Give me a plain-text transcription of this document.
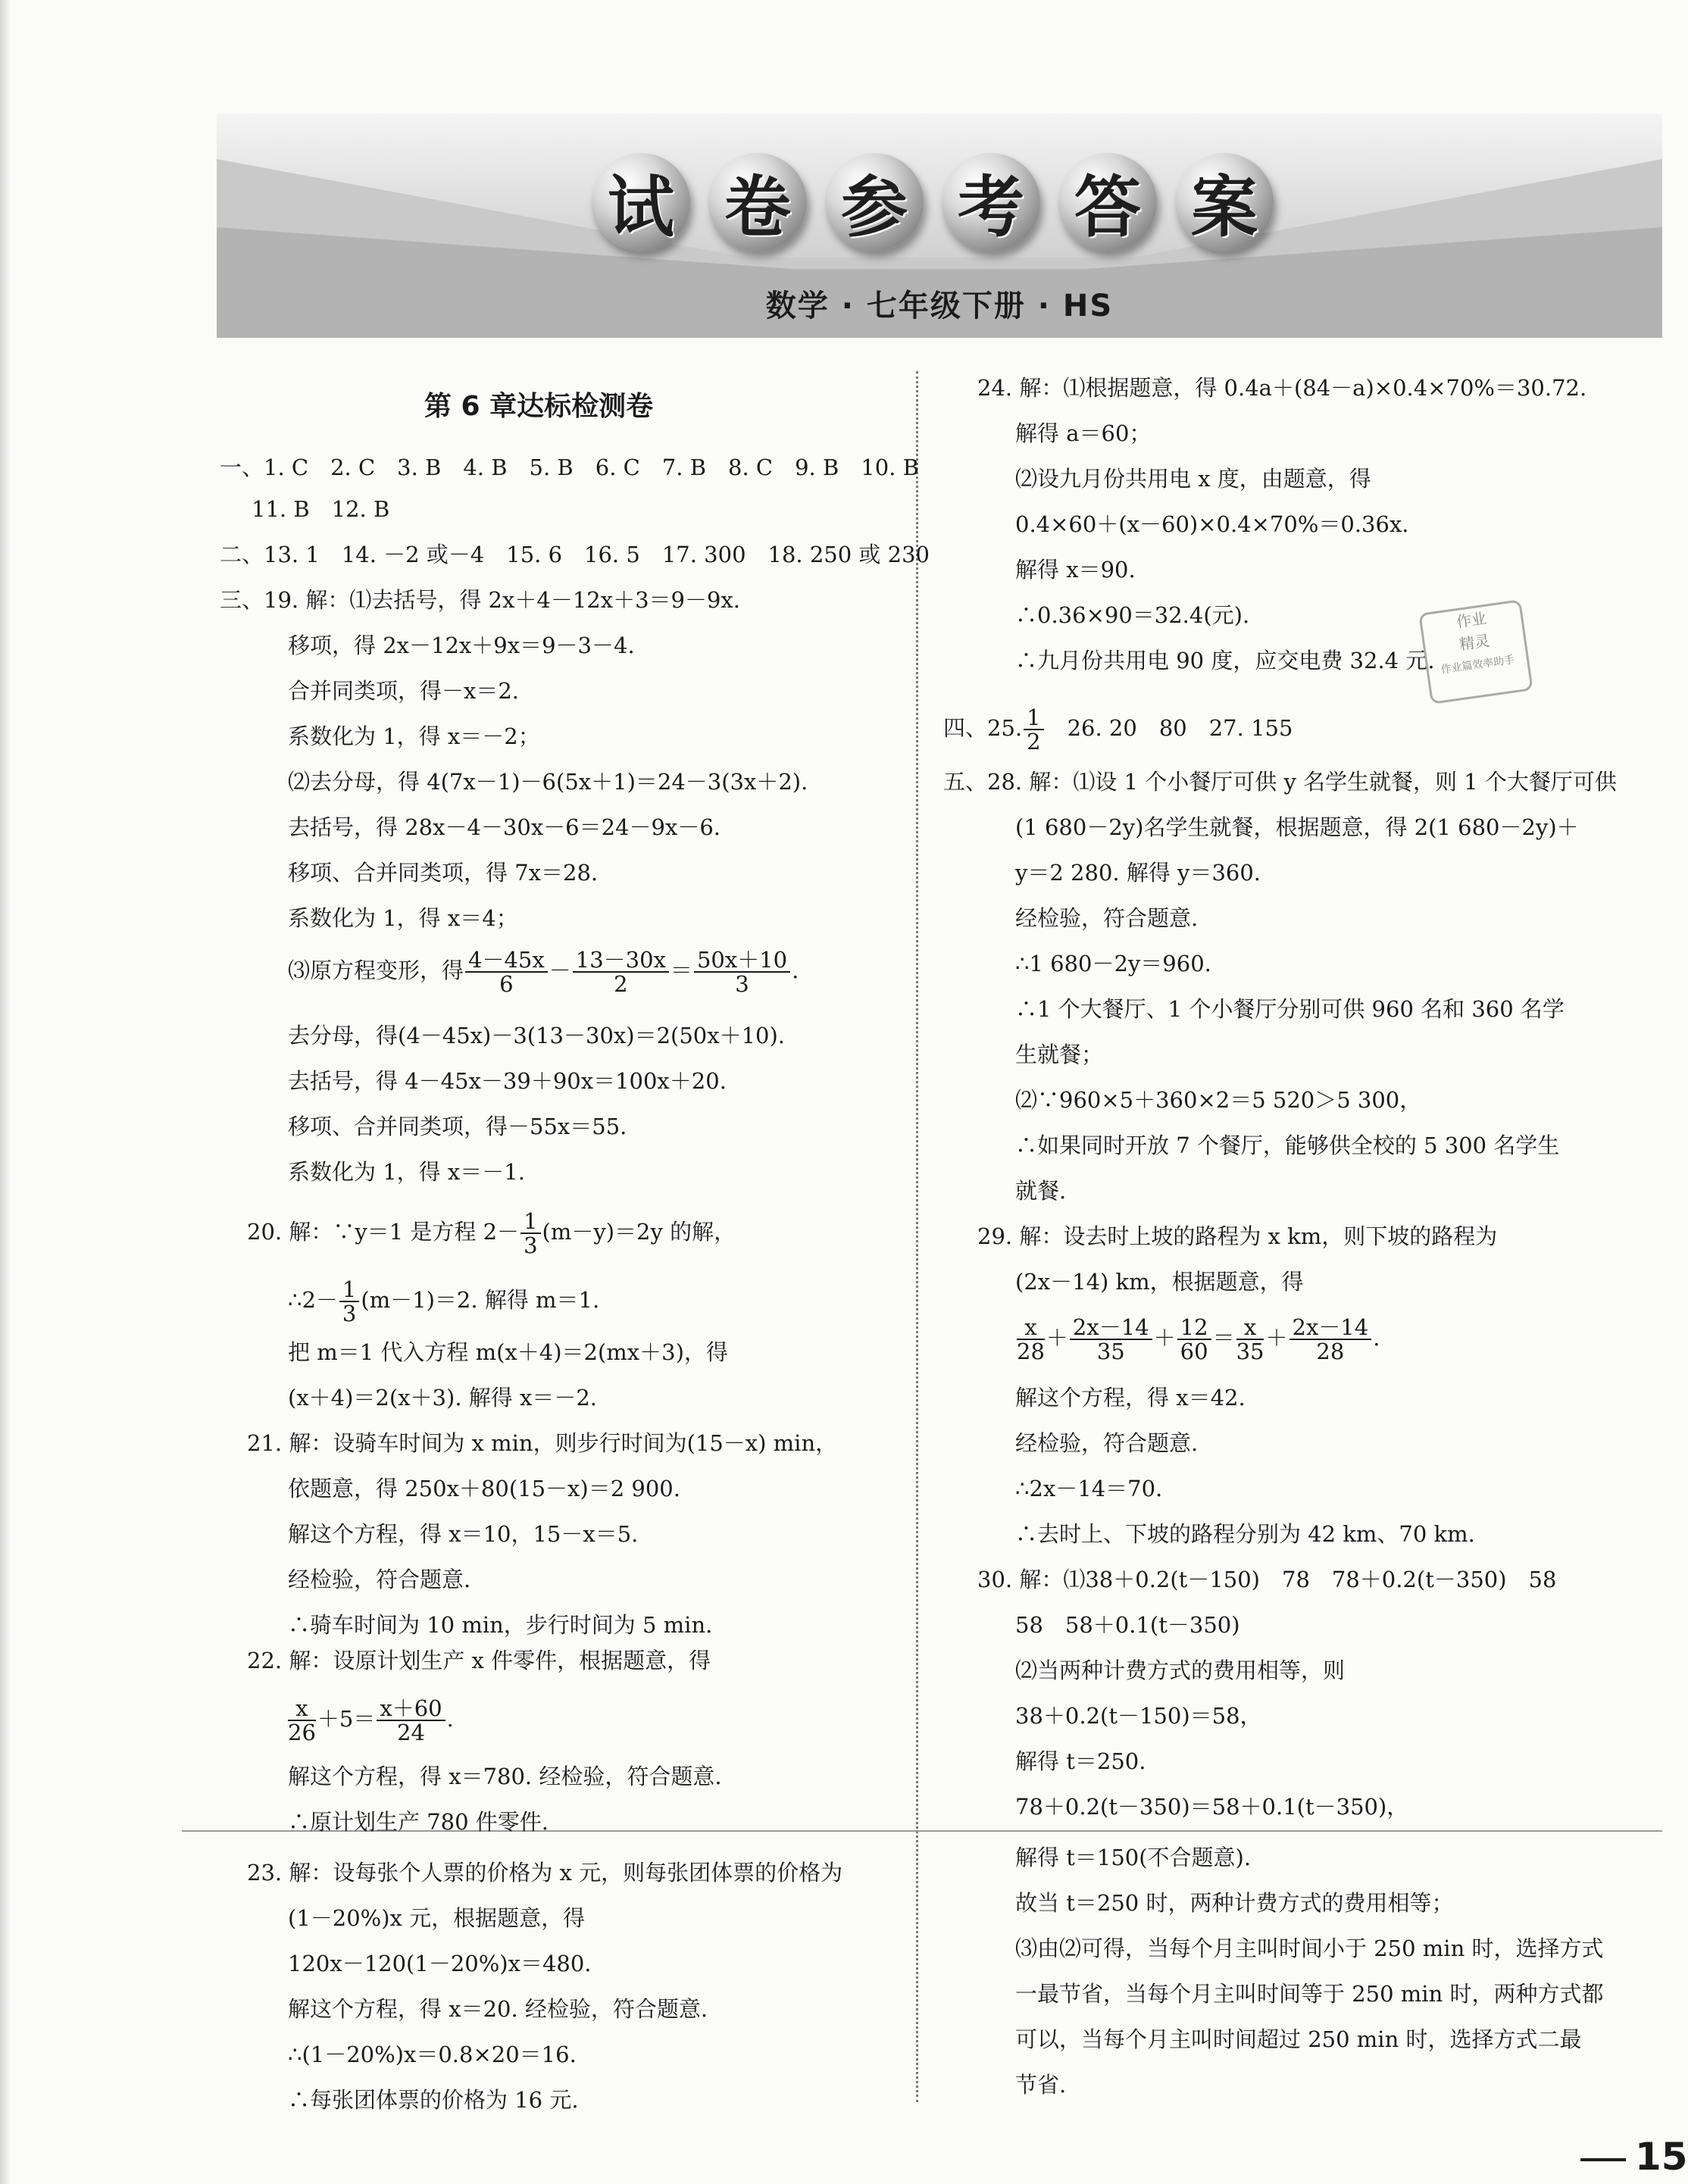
试 卷 参 考 答 案
数学 · 七年级下册 · HS
第 6 章达标检测卷
一、1. C　2. C　3. B　4. B　5. B　6. C　7. B　8. C　9. B　10. B
11. B　12. B
二、13. 1　14. －2 或－4　15. 6　16. 5　17. 300　18. 250 或 230
三、19. 解：⑴去括号，得 2x＋4－12x＋3＝9－9x.
移项，得 2x－12x＋9x＝9－3－4.
合并同类项，得－x＝2.
系数化为 1，得 x＝－2；
⑵去分母，得 4(7x－1)－6(5x＋1)＝24－3(3x＋2).
去括号，得 28x－4－30x－6＝24－9x－6.
移项、合并同类项，得 7x＝28.
系数化为 1，得 x＝4；
⑶原方程变形，得 $\frac{4-45x}{6} - \frac{13-30x}{2} = \frac{50x+10}{3}$ .
去分母，得(4－45x)－3(13－30x)＝2(50x＋10).
去括号，得 4－45x－39＋90x＝100x＋20.
移项、合并同类项，得－55x＝55.
系数化为 1，得 x＝－1.
20. 解：∵y＝1 是方程 $2- \frac{1}{3} (m-y)=2y$ 的解，
∴2－ $\frac{1}{3} (m-1)=2$. 解得 m＝1.
把 m＝1 代入方程 m(x＋4)＝2(mx＋3)，得
(x＋4)＝2(x＋3). 解得 x＝－2.
21. 解：设骑车时间为 x min，则步行时间为(15－x) min，
依题意，得 250x＋80(15－x)＝2 900.
解这个方程，得 x＝10，15－x＝5.
经检验，符合题意.
∴骑车时间为 10 min，步行时间为 5 min.
22. 解：设原计划生产 x 件零件，根据题意，得
$\frac{x}{26} +5= \frac{x+60}{24}$ .
解这个方程，得 x＝780. 经检验，符合题意.
∴原计划生产 780 件零件.
23. 解：设每张个人票的价格为 x 元，则每张团体票的价格为
(1－20%)x 元，根据题意，得
120x－120(1－20%)x＝480.
解这个方程，得 x＝20. 经检验，符合题意.
∴(1－20%)x＝0.8×20＝16.
∴每张团体票的价格为 16 元.
24. 解：⑴根据题意，得 0.4a＋(84－a)×0.4×70%＝30.72.
解得 a＝60；
⑵设九月份共用电 x 度，由题意，得
0.4×60＋(x－60)×0.4×70%＝0.36x.
解得 x＝90.
∴0.36×90＝32.4(元).
∴九月份共用电 90 度，应交电费 32.4 元.
四、25. $\frac{1}{2}$
　 26. 20　80　27. 155
五、28. 解：⑴设 1 个小餐厅可供 y 名学生就餐，则 1 个大餐厅可供
(1 680－2y)名学生就餐，根据题意，得 2(1 680－2y)＋
y＝2 280. 解得 y＝360.
经检验，符合题意.
∴1 680－2y＝960.
∴1 个大餐厅、1 个小餐厅分别可供 960 名和 360 名学
生就餐；
⑵∵960×5＋360×2＝5 520＞5 300，
∴如果同时开放 7 个餐厅，能够供全校的 5 300 名学生
就餐.
29. 解：设去时上坡的路程为 x km，则下坡的路程为
(2x－14) km，根据题意，得
$\frac{x}{28} + \frac{2x-14}{35} + \frac{12}{60} = \frac{x}{35} + \frac{2x-14}{28}$ .
解这个方程，得 x＝42.
经检验，符合题意.
∴2x－14＝70.
∴去时上、下坡的路程分别为 42 km、70 km.
30. 解：⑴38＋0.2(t－150)　78　78＋0.2(t－350)　58
58　58＋0.1(t－350)
⑵当两种计费方式的费用相等，则
38＋0.2(t－150)＝58，
解得 t＝250.
78＋0.2(t－350)＝58＋0.1(t－350)，
解得 t＝150(不合题意).
故当 t＝250 时，两种计费方式的费用相等；
⑶由⑵可得，当每个月主叫时间小于 250 min 时，选择方式
一最节省，当每个月主叫时间等于 250 min 时，两种方式都
可以，当每个月主叫时间超过 250 min 时，选择方式二最
节省.
作业
精灵
作业篇效率助手
15
